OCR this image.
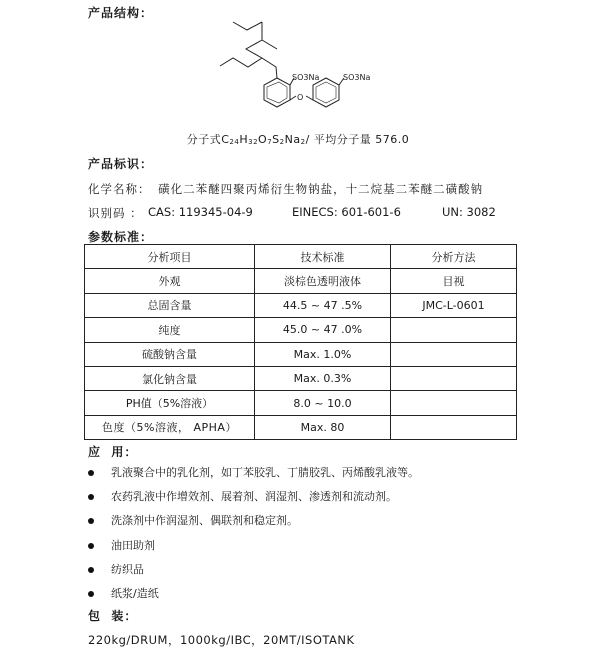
产品结构：
SO3Na	SO3Na
O
分子式$C_{24}H_{32}O_7S_2Na_2/$ 平均分子量 576.0
产品标识：
化学名称： 磺化二苯醚四聚丙烯衍生物钠盐，十二烷基二苯醚二磺酸钠
识别码 ： CAS: 119345-04-9	EINECS: 601-601-6	UN: 3082
参数标准：
分析项目	技术标准	分析方法
外观	淡棕色透明液体	目视
总固含量	44.5 ~ 47 .5%	JMC-L-0601
纯度	45.0 ~ 47 .0%	
硫酸钠含量	Max. 1.0%	
氯化钠含量	Max. 0.3%	
PH值（5%溶液）	8.0 ~ 10.0	
色度（5%溶液， APHA）	Max. 80	
应  用：
乳液聚合中的乳化剂，如丁苯胶乳、丁腈胶乳、丙烯酸乳液等。
农药乳液中作增效剂、展着剂、润湿剂、渗透剂和流动剂。
洗涤剂中作润湿剂、偶联剂和稳定剂。
油田助剂
纺织品
纸浆/造纸
包  装：
220kg/DRUM，1000kg/IBC，20MT/ISOTANK
